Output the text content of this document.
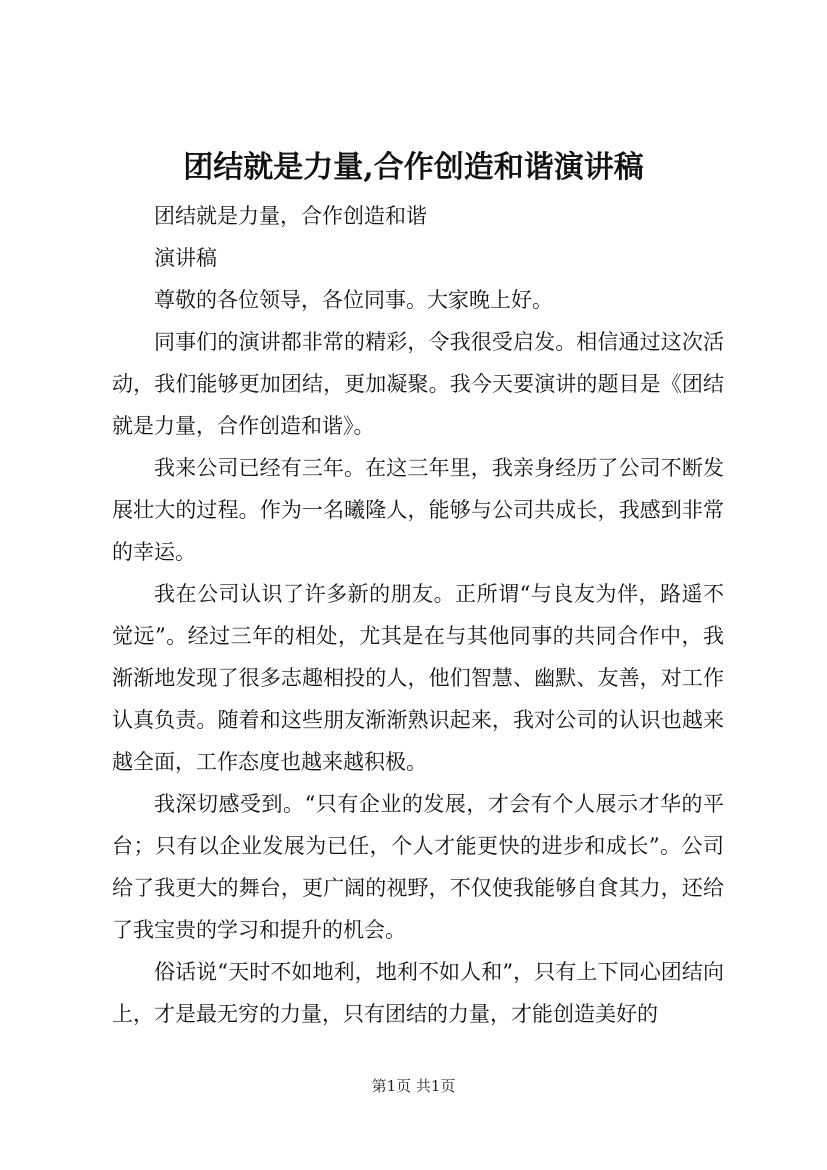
团结就是力量,合作创造和谐演讲稿

团结就是力量，合作创造和谐

演讲稿

尊敬的各位领导，各位同事。大家晚上好。

同事们的演讲都非常的精彩，令我很受启发。相信通过这次活动，我们能够更加团结，更加凝聚。我今天要演讲的题目是《团结就是力量，合作创造和谐》。

我来公司已经有三年。在这三年里，我亲身经历了公司不断发展壮大的过程。作为一名曦隆人，能够与公司共成长，我感到非常的幸运。

我在公司认识了许多新的朋友。正所谓“与良友为伴，路遥不觉远”。经过三年的相处，尤其是在与其他同事的共同合作中，我渐渐地发现了很多志趣相投的人，他们智慧、幽默、友善，对工作认真负责。随着和这些朋友渐渐熟识起来，我对公司的认识也越来越全面，工作态度也越来越积极。

我深切感受到。“只有企业的发展，才会有个人展示才华的平台；只有以企业发展为已任，个人才能更快的进步和成长”。公司给了我更大的舞台，更广阔的视野，不仅使我能够自食其力，还给了我宝贵的学习和提升的机会。

俗话说“天时不如地利，地利不如人和”，只有上下同心团结向上，才是最无穷的力量，只有团结的力量，才能创造美好的

第1页 共1页
